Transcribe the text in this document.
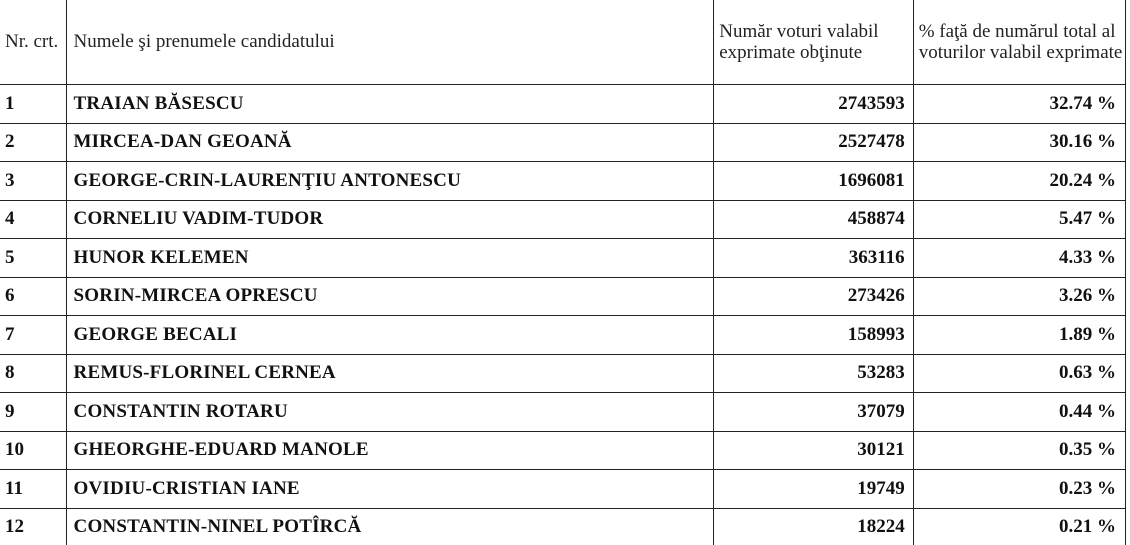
Nr. crt.	Numele şi prenumele candidatului	Număr voturi valabil exprimate obţinute	% faţă de numărul total al voturilor valabil exprimate
1	TRAIAN BĂSESCU	2743593	32.74 %
2	MIRCEA-DAN GEOANĂ	2527478	30.16 %
3	GEORGE-CRIN-LAURENŢIU ANTONESCU	1696081	20.24 %
4	CORNELIU VADIM-TUDOR	458874	5.47 %
5	HUNOR KELEMEN	363116	4.33 %
6	SORIN-MIRCEA OPRESCU	273426	3.26 %
7	GEORGE BECALI	158993	1.89 %
8	REMUS-FLORINEL CERNEA	53283	0.63 %
9	CONSTANTIN ROTARU	37079	0.44 %
10	GHEORGHE-EDUARD MANOLE	30121	0.35 %
11	OVIDIU-CRISTIAN IANE	19749	0.23 %
12	CONSTANTIN-NINEL POTÎRCĂ	18224	0.21 %
